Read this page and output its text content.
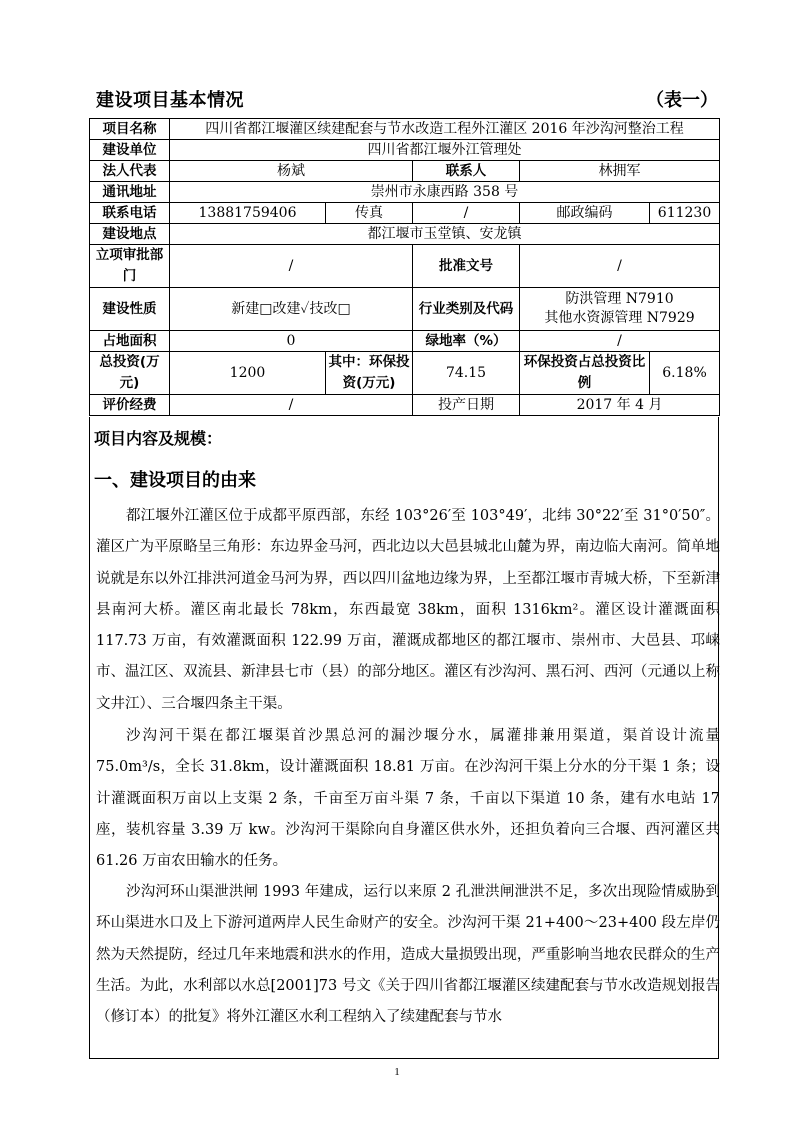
建设项目基本情况	（表一）
项目名称	四川省都江堰灌区续建配套与节水改造工程外江灌区 2016 年沙沟河整治工程				
建设单位	四川省都江堰外江管理处				
法人代表	杨斌		联系人	林拥军	
通讯地址	崇州市永康西路 358 号				
联系电话	13881759406	传真	/	邮政编码	611230
建设地点	都江堰市玉堂镇、安龙镇				
立项审批部门	/		批准文号	/	
建设性质	新建□改建✓技改□		行业类别及代码	防洪管理 N7910
其他水资源管理 N7929	

占地面积	0		绿地率（%）	/	
总投资(万元)	1200	其中：环保投资(万元)	74.15	环保投资占总投资比例	6.18%
评价经费	/		投产日期	2017 年 4 月	
项目内容及规模：
一、建设项目的由来

都江堰外江灌区位于成都平原西部，东经 103°26′至 103°49′，北纬 30°22′至 31°0′50″。灌区广为平原略呈三角形：东边界金马河，西北边以大邑县城北山麓为界，南边临大南河。简单地说就是东以外江排洪河道金马河为界，西以四川盆地边缘为界，上至都江堰市青城大桥，下至新津县南河大桥。灌区南北最长 78km，东西最宽 38km，面积 1316km²。灌区设计灌溉面积 117.73 万亩，有效灌溉面积 122.99 万亩，灌溉成都地区的都江堰市、崇州市、大邑县、邛崃市、温江区、双流县、新津县七市（县）的部分地区。灌区有沙沟河、黑石河、西河（元通以上称文井江）、三合堰四条主干渠。

沙沟河干渠在都江堰渠首沙黑总河的漏沙堰分水，属灌排兼用渠道，渠首设计流量 75.0m³/s，全长 31.8km，设计灌溉面积 18.81 万亩。在沙沟河干渠上分水的分干渠 1 条；设计灌溉面积万亩以上支渠 2 条，千亩至万亩斗渠 7 条，千亩以下渠道 10 条，建有水电站 17 座，装机容量 3.39 万 kw。沙沟河干渠除向自身灌区供水外，还担负着向三合堰、西河灌区共 61.26 万亩农田输水的任务。

沙沟河环山渠泄洪闸 1993 年建成，运行以来原 2 孔泄洪闸泄洪不足，多次出现险情威胁到环山渠进水口及上下游河道两岸人民生命财产的安全。沙沟河干渠 21+400～23+400 段左岸仍然为天然提防，经过几年来地震和洪水的作用，造成大量损毁出现，严重影响当地农民群众的生产生活。为此，水利部以水总[2001]73 号文《关于四川省都江堰灌区续建配套与节水改造规划报告（修订本）的批复》将外江灌区水利工程纳入了续建配套与节水

1
